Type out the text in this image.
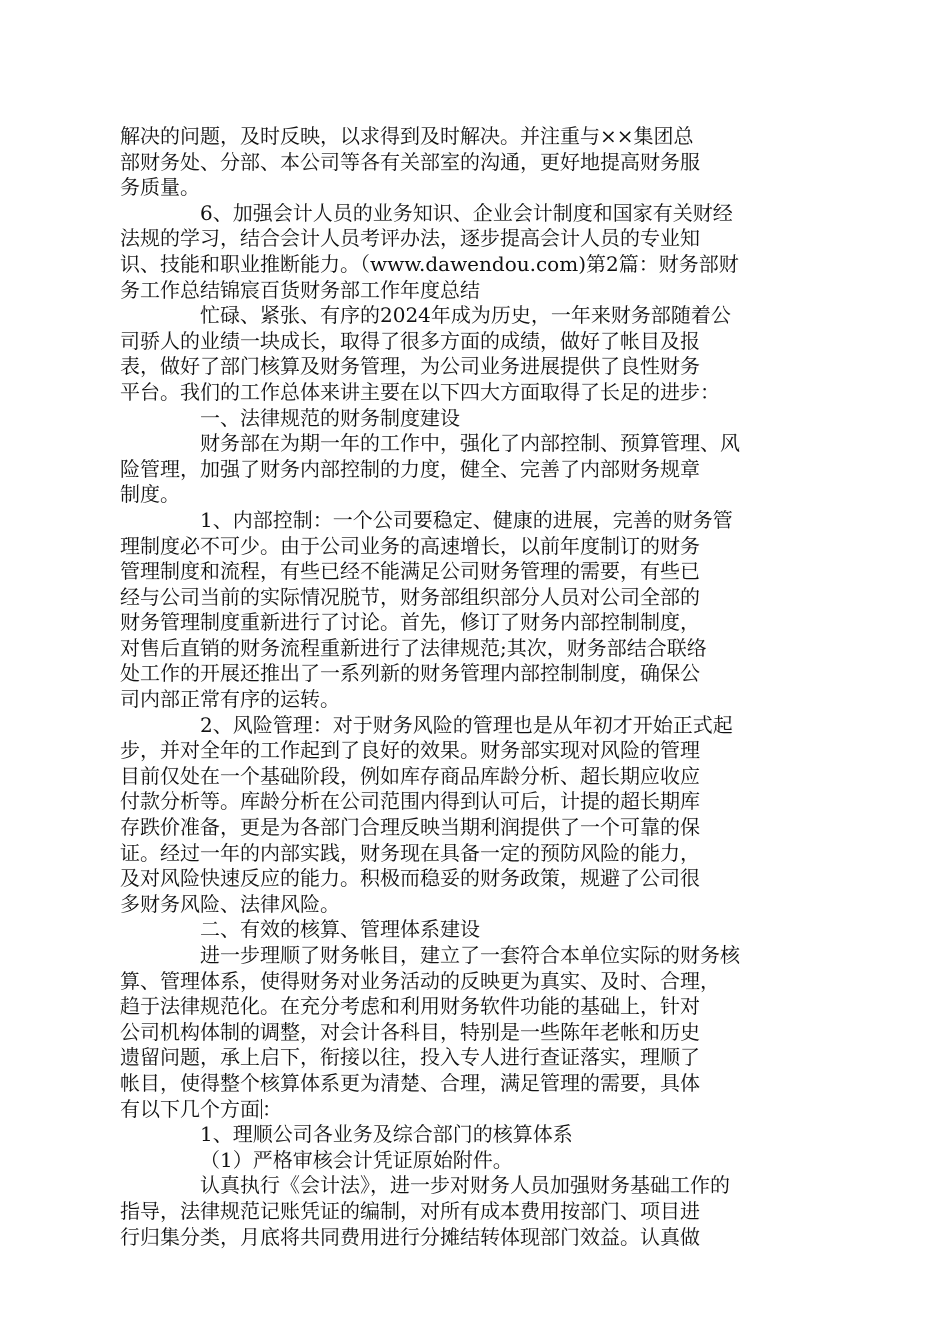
解决的问题，及时反映，以求得到及时解决。并注重与××集团总
部财务处、分部、本公司等各有关部室的沟通，更好地提高财务服
务质量。
6、加强会计人员的业务知识、企业会计制度和国家有关财经
法规的学习，结合会计人员考评办法，逐步提高会计人员的专业知
识、技能和职业推断能力。（www.dawendou.com)第2篇：财务部财
务工作总结锦宸百货财务部工作年度总结
忙碌、紧张、有序的2024年成为历史，一年来财务部随着公
司骄人的业绩一块成长，取得了很多方面的成绩，做好了帐目及报
表，做好了部门核算及财务管理，为公司业务进展提供了良性财务
平台。我们的工作总体来讲主要在以下四大方面取得了长足的进步：
一、法律规范的财务制度建设
财务部在为期一年的工作中，强化了内部控制、预算管理、风
险管理，加强了财务内部控制的力度，健全、完善了内部财务规章
制度。
1、内部控制：一个公司要稳定、健康的进展，完善的财务管
理制度必不可少。由于公司业务的高速增长，以前年度制订的财务
管理制度和流程，有些已经不能满足公司财务管理的需要，有些已
经与公司当前的实际情况脱节，财务部组织部分人员对公司全部的
财务管理制度重新进行了讨论。首先，修订了财务内部控制制度，
对售后直销的财务流程重新进行了法律规范;其次，财务部结合联络
处工作的开展还推出了一系列新的财务管理内部控制制度，确保公
司内部正常有序的运转。
2、风险管理：对于财务风险的管理也是从年初才开始正式起
步，并对全年的工作起到了良好的效果。财务部实现对风险的管理
目前仅处在一个基础阶段，例如库存商品库龄分析、超长期应收应
付款分析等。库龄分析在公司范围内得到认可后，计提的超长期库
存跌价准备，更是为各部门合理反映当期利润提供了一个可靠的保
证。经过一年的内部实践，财务现在具备一定的预防风险的能力，
及对风险快速反应的能力。积极而稳妥的财务政策，规避了公司很
多财务风险、法律风险。
二、有效的核算、管理体系建设
进一步理顺了财务帐目，建立了一套符合本单位实际的财务核
算、管理体系，使得财务对业务活动的反映更为真实、及时、合理，
趋于法律规范化。在充分考虑和利用财务软件功能的基础上，针对
公司机构体制的调整，对会计各科目，特别是一些陈年老帐和历史
遗留问题，承上启下，衔接以往，投入专人进行查证落实，理顺了
帐目，使得整个核算体系更为清楚、合理，满足管理的需要，具体
有以下几个方面 ：
1、理顺公司各业务及综合部门的核算体系
（1）严格审核会计凭证原始附件。
认真执行《会计法》，进一步对财务人员加强财务基础工作的
指导，法律规范记账凭证的编制，对所有成本费用按部门、项目进
行归集分类，月底将共同费用进行分摊结转体现部门效益。认真做
